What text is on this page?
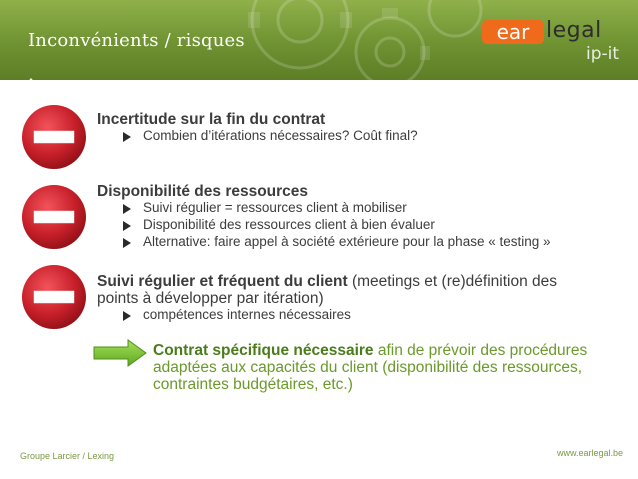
Inconvénients / risques	ear legal
ip-it
Incertitude sur la fin du contrat
Combien d’itérations nécessaires? Coût final?
Disponibilité des ressources
Suivi régulier = ressources client à mobiliser
Disponibilité des ressources client à bien évaluer
Alternative: faire appel à société extérieure pour la phase « testing »
Suivi régulier et fréquent du client (meetings et (re)définition des
points à développer par itération)
compétences internes nécessaires
Contrat spécifique nécessaire afin de prévoir des procédures
adaptées aux capacités du client (disponibilité des ressources,
contraintes budgétaires, etc.)
Groupe Larcier / Lexing	www.earlegal.be
